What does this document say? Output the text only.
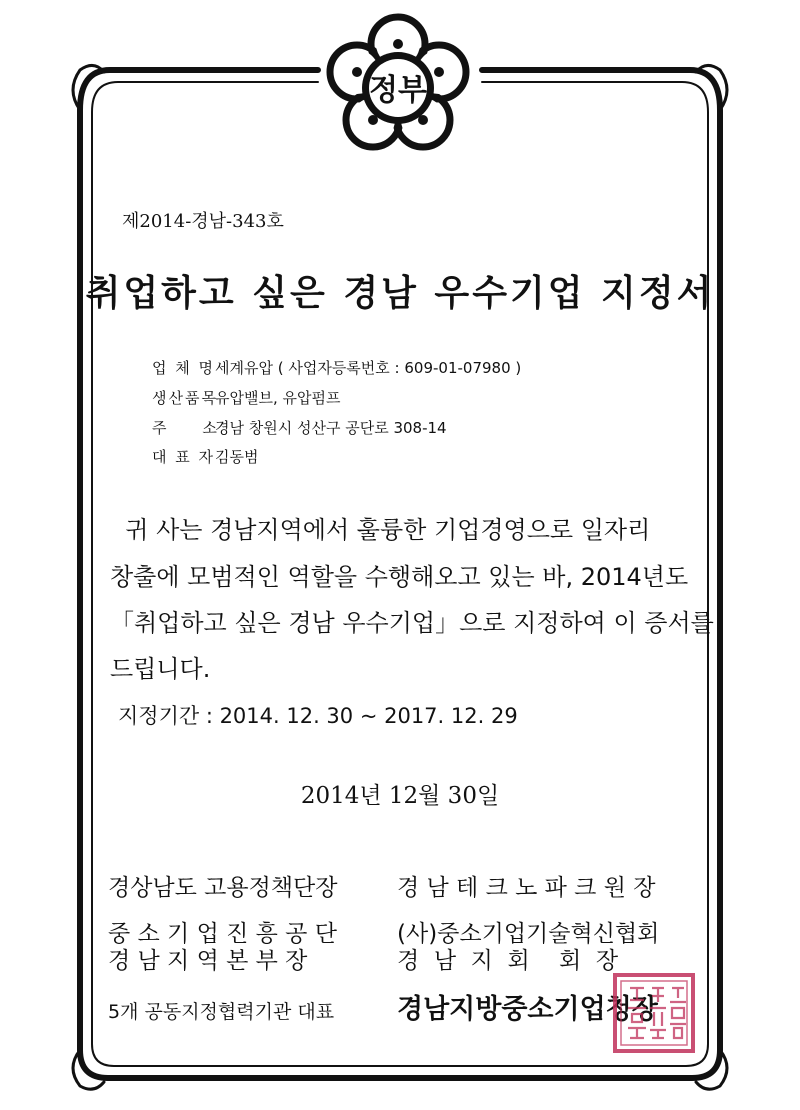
정부
제2014-경남-343호
취업하고 싶은 경남 우수기업 지정서
업 체 명 세계유압 ( 사업자등록번호 : 609-01-07980 )
생산품목
유압밸브, 유압펌프
주     소
경남 창원시 성산구 공단로 308-14
대 표 자 김동범
귀 사는 경남지역에서 훌륭한 기업경영으로 일자리
창출에 모범적인 역할을 수행해오고 있는 바, 2014년도
「취업하고 싶은 경남 우수기업」으로 지정하여 이 증서를
드립니다.
지정기간 : 2014. 12. 30 ~ 2017. 12. 29
2014년 12월 30일
경상남도 고용정책단장	경 남 테 크 노 파 크 원 장
중 소 기 업 진 흥 공 단
경 남 지 역 본 부 장
(사)중소기업기술혁신협회
경  남  지  회    회  장
5개 공동지정협력기관 대표 경남지방중소기업청장
